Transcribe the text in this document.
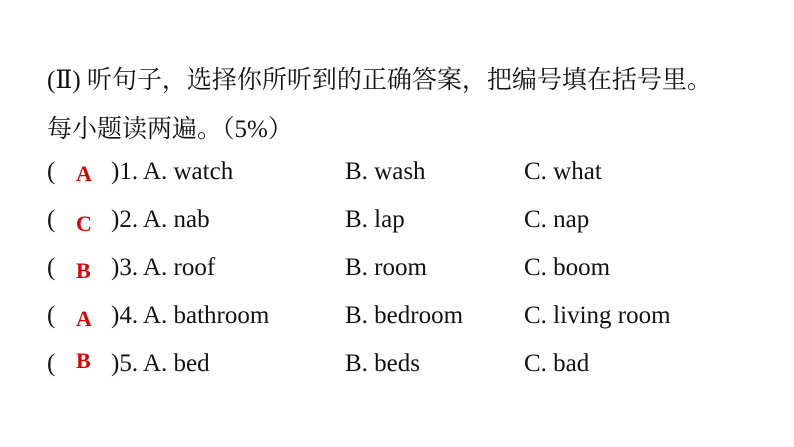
(Ⅱ) 听句子，选择你所听到的正确答案，把编号填在括号里。
每小题读两遍。（5%）
( A )1. A. watch	B. wash	C. what
( C )2. A. nab	B. lap	C. nap
( B )3. A. roof	B. room	C. boom
( A )4. A. bathroom	B. bedroom C. living room
( B )5. A. bed	B. beds	C. bad
